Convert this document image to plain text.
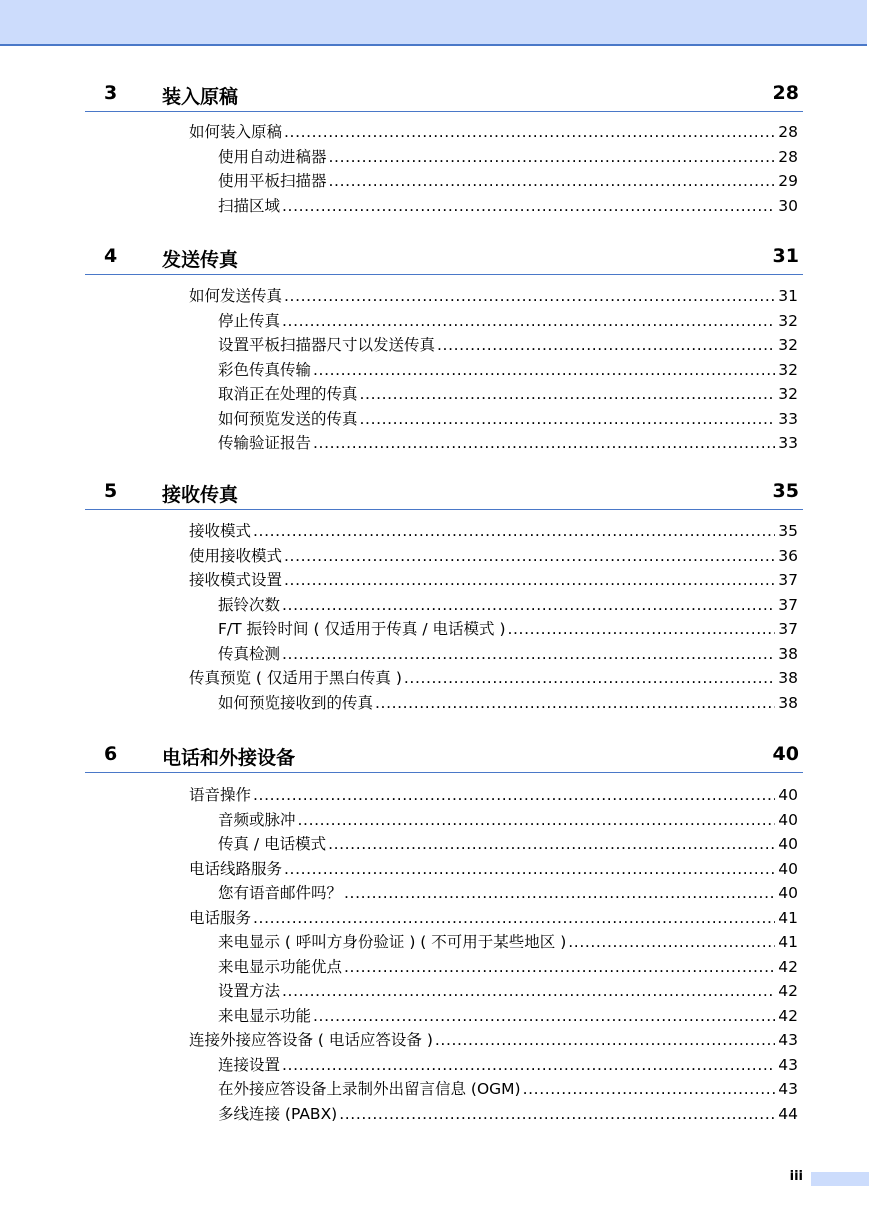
3 装入原稿	28
如何装入原稿 .....	28
使用自动进稿器 .....	28
使用平板扫描器 .....	29
扫描区域 .....	30
4 发送传真	31
如何发送传真 .....	31
停止传真 .....	32
设置平板扫描器尺寸以发送传真 .....	32
彩色传真传输 .....	32
取消正在处理的传真 .....	32
如何预览发送的传真 .....	33
传输验证报告 .....	33
5 接收传真	35
接收模式 .....	35
使用接收模式 .....	36
接收模式设置 .....	37
振铃次数 .....	37
F/T 振铃时间 ( 仅适用于传真 / 电话模式 ) .....	37
传真检测 .....	38
传真预览 ( 仅适用于黑白传真 ) .....	38
如何预览接收到的传真 .....	38
6 电话和外接设备	40
语音操作 .....	40
音频或脉冲 .....	40
传真 / 电话模式 .....	40
电话线路服务 .....	40
您有语音邮件吗？ .....	40
电话服务 .....	41
来电显示 ( 呼叫方身份验证 ) ( 不可用于某些地区 ) .....	41
来电显示功能优点 .....	42
设置方法 .....	42
来电显示功能 .....	42
连接外接应答设备 ( 电话应答设备 ) .....	43
连接设置 .....	43
在外接应答设备上录制外出留言信息 (OGM) .....	43
多线连接 (PABX) .....	44
iii
